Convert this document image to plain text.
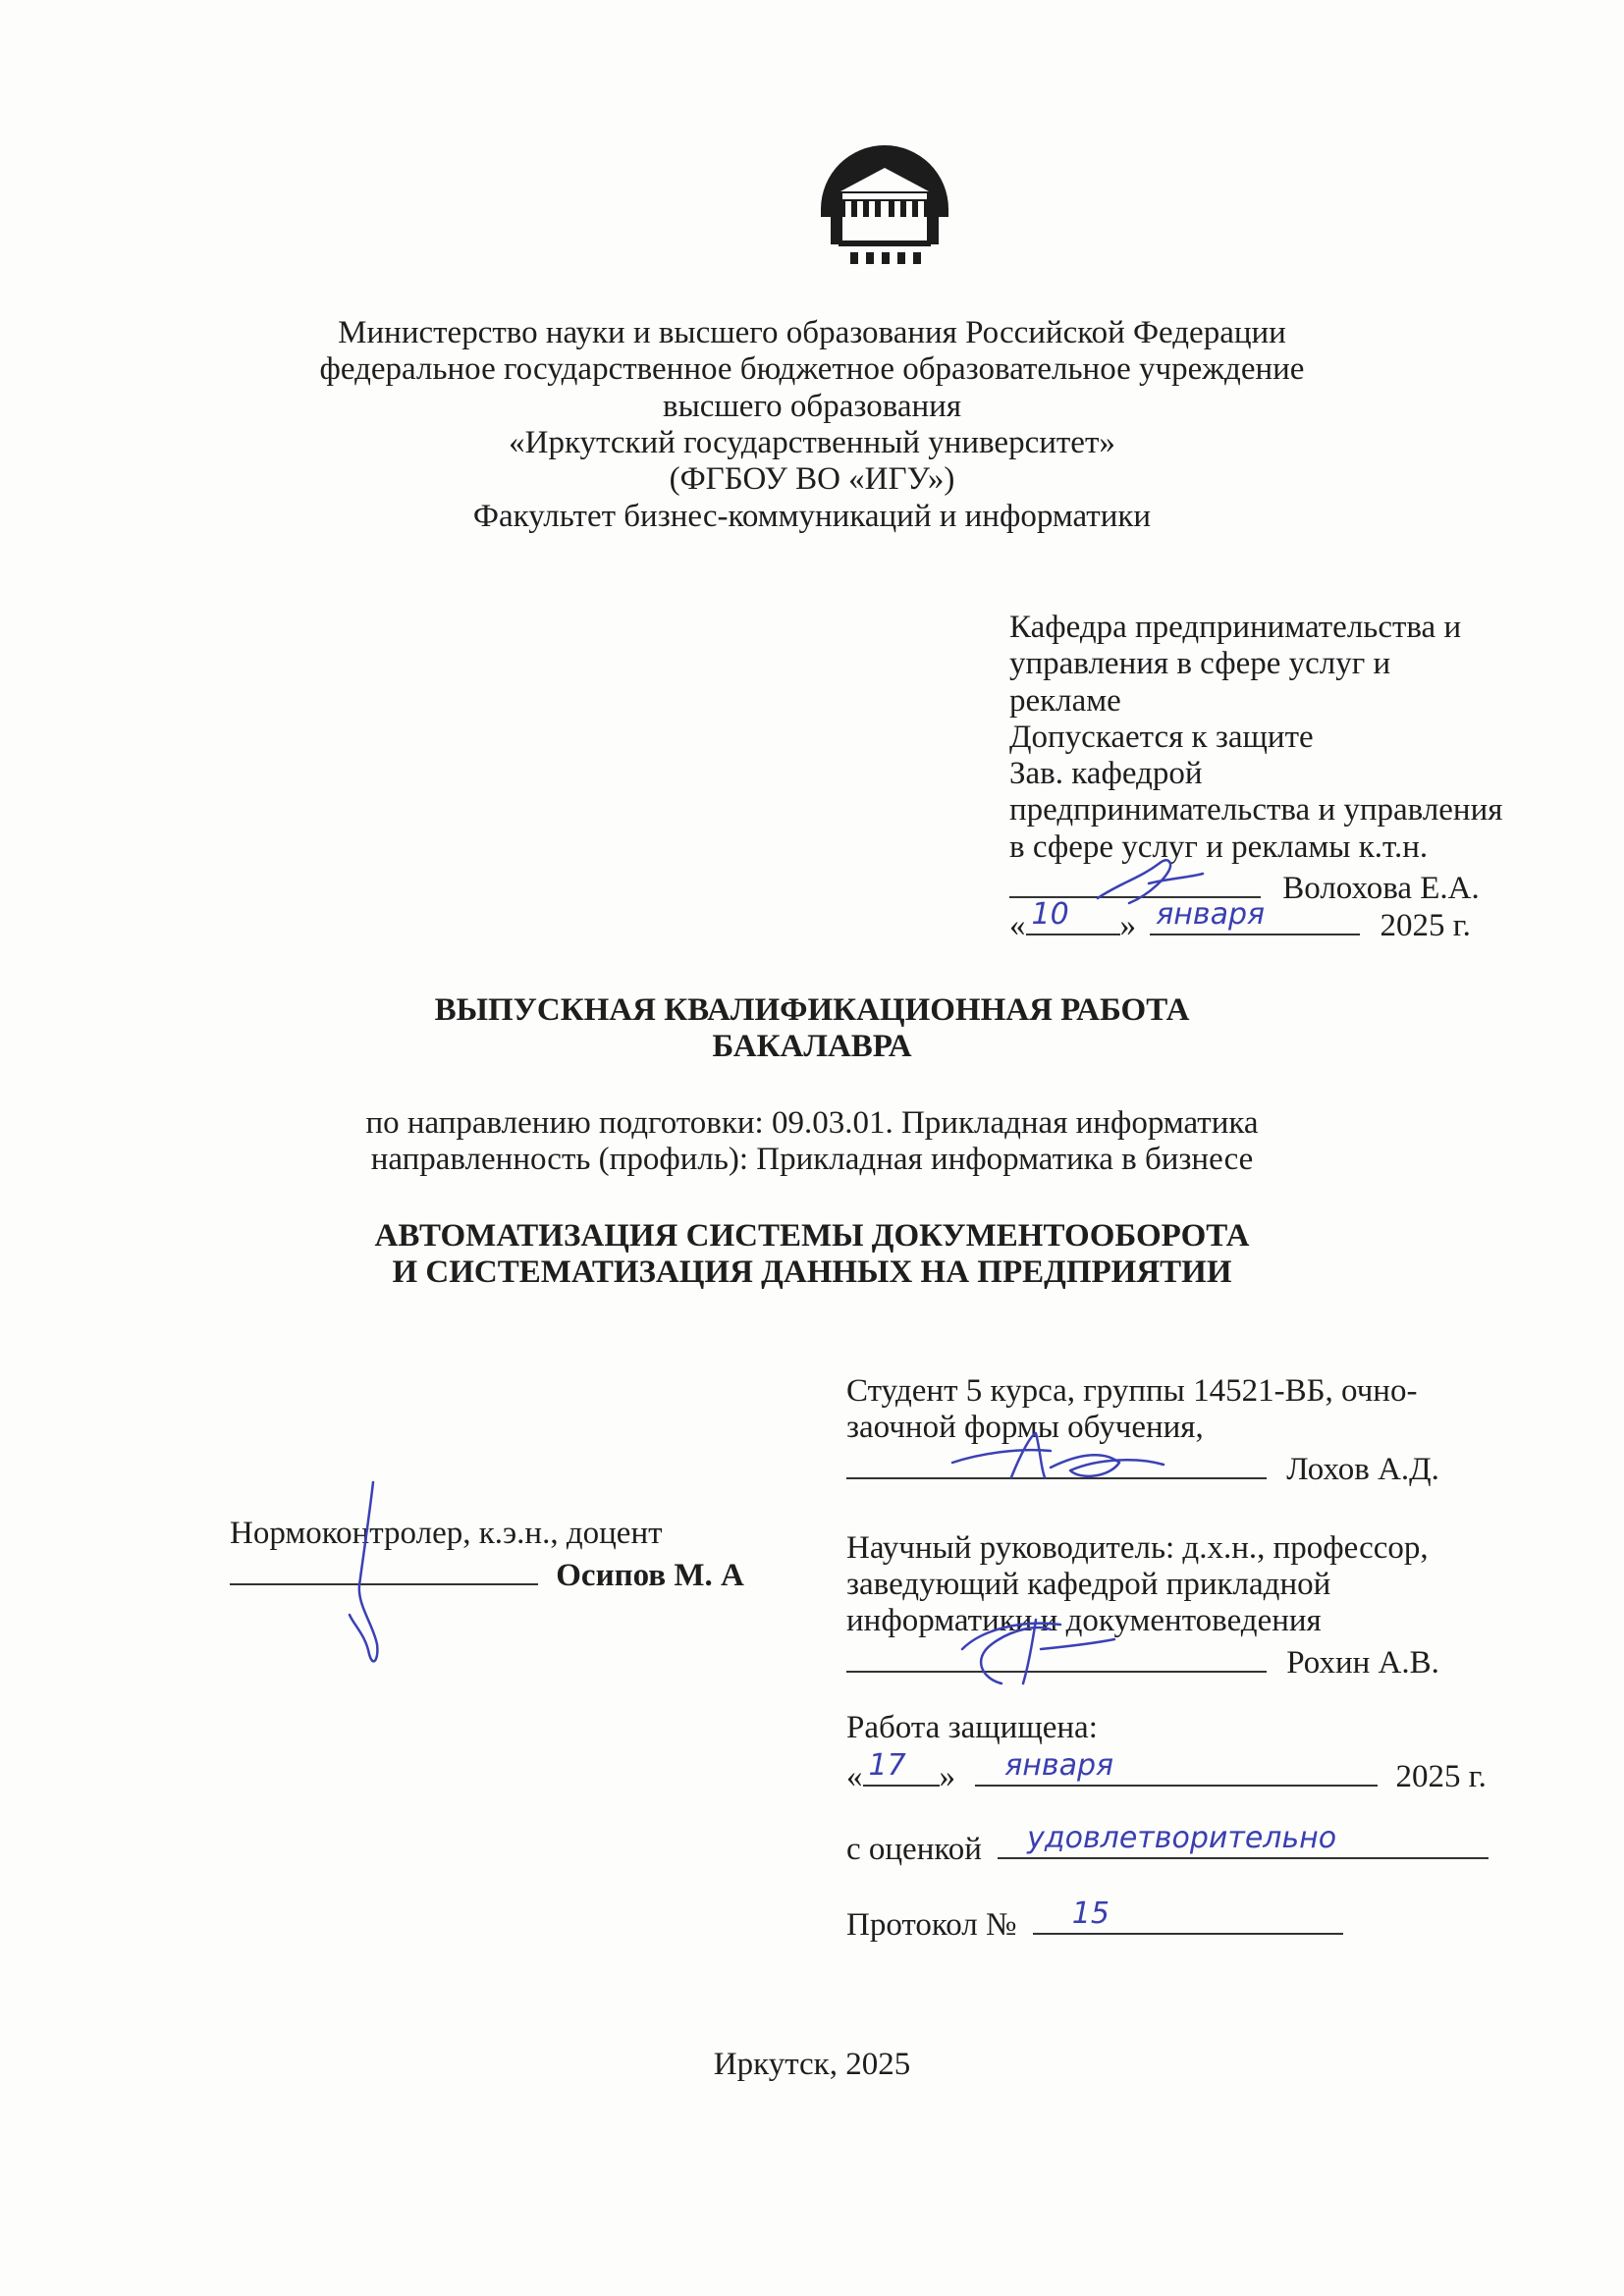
Министерство науки и высшего образования Российской Федерации
федеральное государственное бюджетное образовательное учреждение
высшего образования
«Иркутский государственный университет»
(ФГБОУ ВО «ИГУ»)
Факультет бизнес-коммуникаций и информатики
Кафедра предпринимательства и
управления в сфере услуг и
рекламе
Допускается к защите
Зав. кафедрой
предпринимательства и управления
в сфере услуг и рекламы к.т.н.
Волохова Е.А.
« 10 » января	2025 г.
ВЫПУСКНАЯ КВАЛИФИКАЦИОННАЯ РАБОТА
БАКАЛАВРА
по направлению подготовки: 09.03.01. Прикладная информатика
направленность (профиль): Прикладная информатика в бизнесе
АВТОМАТИЗАЦИЯ СИСТЕМЫ ДОКУМЕНТООБОРОТА
И СИСТЕМАТИЗАЦИЯ ДАННЫХ НА ПРЕДПРИЯТИИ
Студент 5 курса, группы 14521-ВБ, очно-
заочной формы обучения,
Лохов А.Д.
Научный руководитель: д.х.н., профессор,
заведующий кафедрой прикладной
информатики и документоведения
Рохин А.В.
Нормоконтролер, к.э.н., доцент
Осипов М. А
Работа защищена:
« 17 » января	2025 г.
с оценкой удовлетворительно
Протокол № 15
Иркутск, 2025
